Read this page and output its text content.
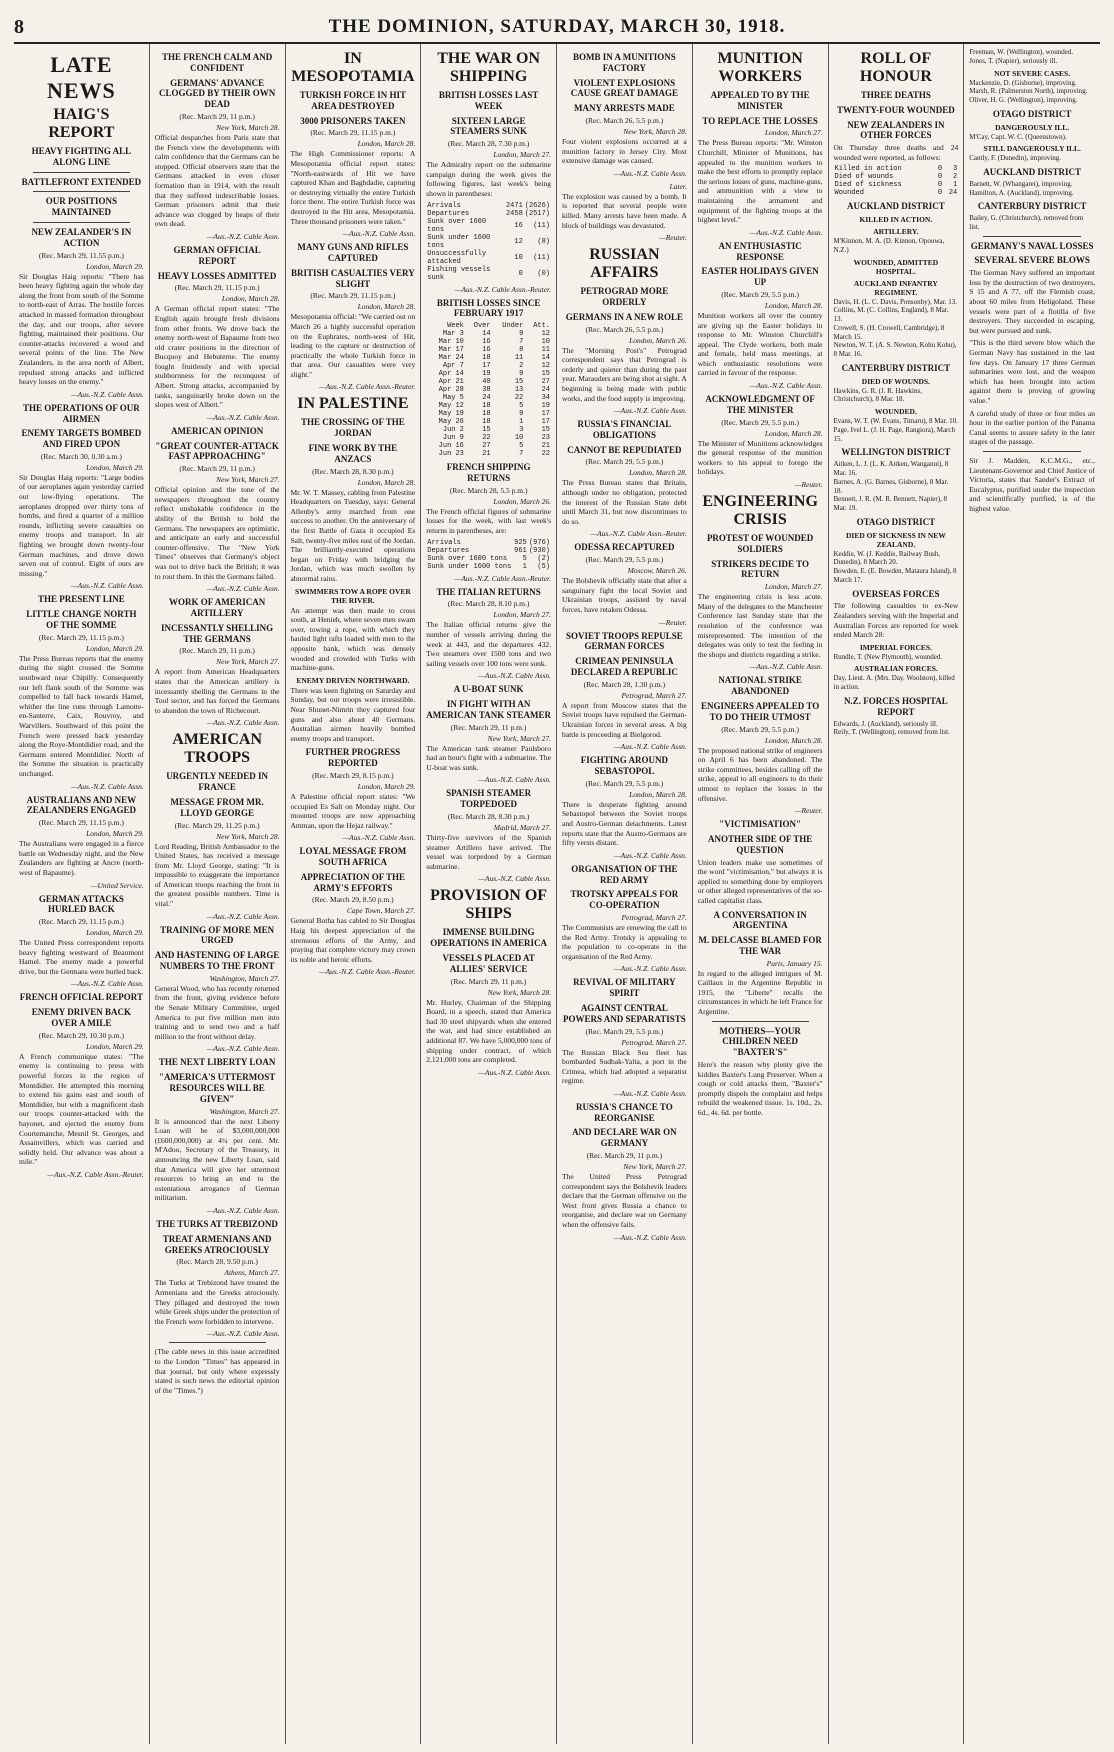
8	THE DOMINION, SATURDAY, MARCH 30, 1918.
LATE NEWS
HAIG'S REPORT
HEAVY FIGHTING ALL ALONG LINE
BATTLEFRONT EXTENDED
OUR POSITIONS MAINTAINED
NEW ZEALANDER'S IN ACTION
(Rec. March 29, 11.55 p.m.)
London, March 29.

Sir Douglas Haig reports: "There has been heavy fighting again the whole day along the front from south of the Somme to north-east of Arras. The hostile forces attacked in massed formation throughout the day, and our troops, after severe fighting, maintained their positions. Our counter-attacks recovered a wood and several points of the line. The New Zealanders, in the area north of Albert, repulsed strong attacks and inflicted heavy losses on the enemy."

—Aus.-N.Z. Cable Assn.
THE OPERATIONS OF OUR AIRMEN
ENEMY TARGETS BOMBED AND FIRED UPON
(Rec. March 30, 0.30 a.m.)
London, March 29.

Sir Douglas Haig reports: "Large bodies of our aeroplanes again yesterday carried out low-flying operations. The aeroplanes dropped over thirty tons of bombs, and fired a quarter of a million rounds, inflicting severe casualties on enemy troops and transport. In air fighting we brought down twenty-four German machines, and drove down seven out of control. Eight of ours are missing."

—Aus.-N.Z. Cable Assn.
THE PRESENT LINE
LITTLE CHANGE NORTH OF THE SOMME
(Rec. March 29, 11.15 p.m.)
London, March 29.

The Press Bureau reports that the enemy during the night crossed the Somme southward near Chipilly. Consequently our left flank south of the Somme was compelled to fall back towards Hamel, whither the line runs through Lamotte-en-Santerre, Caix, Rouvroy, and Warvillers. Southward of this point the French were pressed back yesterday along the Roye-Montdidier road, and the Germans entered Montdidier. North of the Somme the situation is practically unchanged.

—Aus.-N.Z. Cable Assn.
AUSTRALIANS AND NEW ZEALANDERS ENGAGED
(Rec. March 29, 11.15 p.m.)
London, March 29.

The Australians were engaged in a fierce battle on Wednesday night, and the New Zealanders are fighting at Ancre (north-west of Bapaume).

—United Service.
GERMAN ATTACKS HURLED BACK
(Rec. March 29, 11.15 p.m.)
London, March 29.

The United Press correspondent reports heavy fighting westward of Beaumont Hamel. The enemy made a powerful drive, but the Germans were hurled back.

—Aus.-N.Z. Cable Assn.
FRENCH OFFICIAL REPORT
ENEMY DRIVEN BACK OVER A MILE
(Rec. March 29, 10.30 p.m.)
London, March 29.

A French communique states: "The enemy is continuing to press with powerful forces in the region of Montdidier. He attempted this morning to extend his gains east and south of Montdidier, but with a magnificent dash our troops counter-attacked with the bayonet, and ejected the enemy from Courtemanche, Mesnil St. Georges, and Assainvillers, which was carried and solidly held. Our advance was about a mile."

—Aus.-N.Z. Cable Assn.-Reuter.
THE FRENCH CALM AND CONFIDENT
GERMANS' ADVANCE CLOGGED BY THEIR OWN DEAD
(Rec. March 29, 11 p.m.)
New York, March 28.

Official despatches from Paris state that the French view the developments with calm confidence that the Germans can be stopped. Official observers state that the Germans attacked in even closer formation than in 1914, with the result that they suffered indescribable losses. German prisoners admit that their advance was clogged by heaps of their own dead.

—Aus.-N.Z. Cable Assn.
GERMAN OFFICIAL REPORT
HEAVY LOSSES ADMITTED
(Rec. March 29, 11.15 p.m.)
London, March 28.

A German official report states: "The English again brought fresh divisions from other fronts. We drove back the enemy north-west of Bapaume from two old crater positions in the direction of Bucquoy and Hebuterne. The enemy fought fruitlessly and with special stubbornness for the reconquest of Albert. Strong attacks, accompanied by tanks, sanguinarily broke down on the slopes west of Albert."

—Aus.-N.Z. Cable Assn.
AMERICAN OPINION
"GREAT COUNTER-ATTACK FAST APPROACHING"
(Rec. March 29, 11 p.m.)
New York, March 27.

Official opinion and the tone of the newspapers throughout the country reflect unshakable confidence in the ability of the British to hold the Germans. The newspapers are optimistic, and anticipate an early and successful counter-offensive. The "New York Times" observes that Germany's object was not to drive back the British; it was to rout them. In this the Germans failed.

—Aus.-N.Z. Cable Assn.
WORK OF AMERICAN ARTILLERY
INCESSANTLY SHELLING THE GERMANS
(Rec. March 29, 11 p.m.)
New York, March 27.

A report from American Headquarters states that the American artillery is incessantly shelling the Germans in the Toul sector, and has forced the Germans to abandon the town of Richecourt.

—Aus.-N.Z. Cable Assn.
AMERICAN TROOPS
URGENTLY NEEDED IN FRANCE
MESSAGE FROM MR. LLOYD GEORGE
(Rec. March 29, 11.25 p.m.)
New York, March 28.

Lord Reading, British Ambassador to the United States, has received a message from Mr. Lloyd George, stating: "It is impossible to exaggerate the importance of American troops reaching the front in the greatest possible numbers. Time is vital."

—Aus.-N.Z. Cable Assn.
TRAINING OF MORE MEN URGED
AND HASTENING OF LARGE NUMBERS TO THE FRONT
Washington, March 27.

General Wood, who has recently returned from the front, giving evidence before the Senate Military Committee, urged America to put five million men into training and to send two and a half million to the front without delay.

—Aus.-N.Z. Cable Assn.
THE NEXT LIBERTY LOAN
"AMERICA'S UTTERMOST RESOURCES WILL BE GIVEN"
Washington, March 27.

It is announced that the next Liberty Loan will be of $3,000,000,000 (£600,000,000) at 4¼ per cent. Mr. M'Adoo, Secretary of the Treasury, in announcing the new Liberty Loan, said that America will give her uttermost resources to bring an end to the ostentatious arrogance of German militarism.

—Aus.-N.Z. Cable Assn.
THE TURKS AT TREBIZOND
TREAT ARMENIANS AND GREEKS ATROCIOUSLY
(Rec. March 28, 9.50 p.m.)
Athens, March 27.

The Turks at Trebizond have treated the Armenians and the Greeks atrociously. They pillaged and destroyed the town while Greek ships under the protection of the French were forbidden to intervene.

—Aus.-N.Z. Cable Assn.

(The cable news in this issue accredited to the London "Times" has appeared in that journal, but only where expressly stated is such news the editorial opinion of the "Times.")

IN MESOPOTAMIA
TURKISH FORCE IN HIT AREA DESTROYED
3000 PRISONERS TAKEN
(Rec. March 29, 11.15 p.m.)
London, March 28.

The High Commissioner reports: A Mesopotamia official report states: "North-eastwards of Hit we have captured Khan and Baghdadie, capturing or destroying virtually the entire Turkish force there. The entire Turkish force was destroyed in the Hit area, Mesopotamia. Three thousand prisoners were taken."

—Aus.-N.Z. Cable Assn.
MANY GUNS AND RIFLES CAPTURED
BRITISH CASUALTIES VERY SLIGHT
(Rec. March 29, 11.15 p.m.)
London, March 28.

Mesopotamia official: "We carried out on March 26 a highly successful operation on the Euphrates, north-west of Hit, leading to the capture or destruction of practically the whole Turkish force in that area. Our casualties were very slight."

—Aus.-N.Z. Cable Assn.-Reuter.
IN PALESTINE
THE CROSSING OF THE JORDAN
FINE WORK BY THE ANZACS
(Rec. March 28, 8.30 p.m.)
London, March 28.

Mr. W. T. Massey, cabling from Palestine Headquarters on Tuesday, says: General Allenby's army marched from one success to another. On the anniversary of the first Battle of Gaza it occupied Es Salt, twenty-five miles east of the Jordan. The brilliantly-executed operations began on Friday with bridging the Jordan, which was much swollen by abnormal rains.

SWIMMERS TOW A ROPE OVER THE RIVER.

An attempt was then made to cross south, at Henieh, where seven men swam over, towing a rope, with which they hauled light rafts loaded with men to the opposite bank, which was densely wooded and crowded with Turks with machine-guns.

ENEMY DRIVEN NORTHWARD.

There was keen fighting on Saturday and Sunday, but our troops were irresistible. Near Shunet-Nimrin they captured four guns and also about 40 Germans. Australian airmen heavily bombed enemy troops and transport.

FURTHER PROGRESS REPORTED
(Rec. March 29, 8.15 p.m.)
London, March 29.

A Palestine official report states: "We occupied Es Salt on Monday night. Our mounted troops are now approaching Amman, upon the Hejaz railway."

—Aus.-N.Z. Cable Assn.
LOYAL MESSAGE FROM SOUTH AFRICA
APPRECIATION OF THE ARMY'S EFFORTS
(Rec. March 29, 8.50 p.m.)
Cape Town, March 27.

General Botha has cabled to Sir Douglas Haig his deepest appreciation of the strenuous efforts of the Army, and praying that complete victory may crown its noble and heroic efforts.

—Aus.-N.Z. Cable Assn.-Reuter.
THE WAR ON SHIPPING
BRITISH LOSSES LAST WEEK
SIXTEEN LARGE STEAMERS SUNK
(Rec. March 28, 7.30 p.m.)
London, March 27.

The Admiralty report on the submarine campaign during the week gives the following figures, last week's being shown in parentheses:

Arrivals	2471	(2626)
Departures	2458	(2517)
Sunk over 1600 tons	16	(11)
Sunk under 1600 tons	12	(8)
Unsuccessfully attacked	10	(11)
Fishing vessels sunk	0	(0)
—Aus.-N.Z. Cable Assn.-Reuter.
BRITISH LOSSES SINCE FEBRUARY 1917
Week	Over	Under	Att.
Mar 3	14	9	12
Mar 10	16	7	10
Mar 17	16	8	11
Mar 24	18	11	14
Apr 7	17	2	12
Apr 14	19	9	15
Apr 21	40	15	27
Apr 28	38	13	24
May 5	24	22	34
May 12	18	5	19
May 19	18	9	17
May 26	18	1	17
Jun 2	15	3	15
Jun 9	22	10	23
Jun 16	27	5	21
Jun 23	21	7	22
FRENCH SHIPPING RETURNS
(Rec. March 28, 5.5 p.m.)
London, March 26.

The French official figures of submarine losses for the week, with last week's returns in parentheses, are:

Arrivals	925	(976)
Departures	961	(930)
Sunk over 1600 tons	5	(2)
Sunk under 1600 tons	1	(5)
—Aus.-N.Z. Cable Assn.-Reuter.
THE ITALIAN RETURNS
(Rec. March 28, 8.10 p.m.)
London, March 27.

The Italian official returns give the number of vessels arriving during the week at 443, and the departures 432. Two steamers over 1500 tons and two sailing vessels over 100 tons were sunk.

—Aus.-N.Z. Cable Assn.
A U-BOAT SUNK
IN FIGHT WITH AN AMERICAN TANK STEAMER
(Rec. March 29, 11 p.m.)
New York, March 27.

The American tank steamer Paulsboro had an hour's fight with a submarine. The U-boat was sunk.

—Aus.-N.Z. Cable Assn.
SPANISH STEAMER TORPEDOED
(Rec. March 28, 8.30 p.m.)
Madrid, March 27.

Thirty-five survivors of the Spanish steamer Artillero have arrived. The vessel was torpedoed by a German submarine.

—Aus.-N.Z. Cable Assn.
PROVISION OF SHIPS
IMMENSE BUILDING OPERATIONS IN AMERICA
VESSELS PLACED AT ALLIES' SERVICE
(Rec. March 29, 11 p.m.)
New York, March 28.

Mr. Hurley, Chairman of the Shipping Board, in a speech, stated that America had 30 steel shipyards when she entered the war, and had since established an additional 87. We have 5,000,000 tons of shipping under contract, of which 2,121,000 tons are completed.

—Aus.-N.Z. Cable Assn.
BOMB IN A MUNITIONS FACTORY
VIOLENT EXPLOSIONS CAUSE GREAT DAMAGE
MANY ARRESTS MADE
(Rec. March 26, 5.5 p.m.)
New York, March 28.

Four violent explosions occurred at a munition factory in Jersey City. Most extensive damage was caused.

—Aus.-N.Z. Cable Assn.
Later.

The explosion was caused by a bomb. It is reported that several people were killed. Many arrests have been made. A block of buildings was devastated.

—Reuter.
RUSSIAN AFFAIRS
PETROGRAD MORE ORDERLY
GERMANS IN A NEW ROLE
(Rec. March 26, 5.5 p.m.)
London, March 26.

The "Morning Post's" Petrograd correspondent says that Petrograd is orderly and quieter than during the past year. Marauders are being shot at sight. A beginning is being made with public works, and the food supply is improving.

—Aus.-N.Z. Cable Assn.
RUSSIA'S FINANCIAL OBLIGATIONS
CANNOT BE REPUDIATED
(Rec. March 29, 5.5 p.m.)
London, March 28.

The Press Bureau states that Britain, although under no obligation, protected the interest of the Russian State debt until March 31, but now discontinues to do so.

—Aus.-N.Z. Cable Assn.-Reuter.
ODESSA RECAPTURED
(Rec. March 29, 5.5 p.m.)
Moscow, March 26.

The Bolshevik officially state that after a sanguinary fight the local Soviet and Ukrainian troops, assisted by naval forces, have retaken Odessa.

—Reuter.
SOVIET TROOPS REPULSE GERMAN FORCES
CRIMEAN PENINSULA DECLARED A REPUBLIC
(Rec. March 28, 1.30 p.m.)
Petrograd, March 27.

A report from Moscow states that the Soviet troops have repulsed the German-Ukrainian forces in several areas. A big battle is proceeding at Bielgorod.

—Aus.-N.Z. Cable Assn.
FIGHTING AROUND SEBASTOPOL
(Rec. March 29, 5.5 p.m.)
London, March 28.

There is desperate fighting around Sebastopol between the Soviet troops and Austro-German detachments. Latest reports state that the Austro-Germans are fifty versts distant.

—Aus.-N.Z. Cable Assn.
ORGANISATION OF THE RED ARMY
TROTSKY APPEALS FOR CO-OPERATION
Petrograd, March 27.

The Communists are renewing the call to the Red Army. Trotsky is appealing to the population to co-operate in the organisation of the Red Army.

—Aus.-N.Z. Cable Assn.
REVIVAL OF MILITARY SPIRIT
AGAINST CENTRAL POWERS AND SEPARATISTS
(Rec. March 29, 5.5 p.m.)
Petrograd, March 27.

The Russian Black Sea fleet has bombarded Sudbak-Yalta, a port in the Crimea, which had adopted a separatist regime.

—Aus.-N.Z. Cable Assn.
RUSSIA'S CHANCE TO REORGANISE
AND DECLARE WAR ON GERMANY
(Rec. March 29, 11 p.m.)
New York, March 27.

The United Press Petrograd correspondent says the Bolshevik leaders declare that the German offensive on the West front gives Russia a chance to reorganise, and declare war on Germany when the offensive fails.

—Aus.-N.Z. Cable Assn.
MUNITION WORKERS
APPEALED TO BY THE MINISTER
TO REPLACE THE LOSSES
London, March 27.

The Press Bureau reports: "Mr. Winston Churchill, Minister of Munitions, has appealed to the munition workers to make the best efforts to promptly replace the serious losses of guns, machine-guns, and ammunition with a view to maintaining the armament and equipment of the fighting troops at the highest level."

—Aus.-N.Z. Cable Assn.
AN ENTHUSIASTIC RESPONSE
EASTER HOLIDAYS GIVEN UP
(Rec. March 29, 5.5 p.m.)
London, March 28.

Munition workers all over the country are giving up the Easter holidays in response to Mr. Winston Churchill's appeal. The Clyde workers, both male and female, held mass meetings, at which enthusiastic resolutions were carried in favour of the response.

—Aus.-N.Z. Cable Assn.
ACKNOWLEDGMENT OF THE MINISTER
(Rec. March 29, 5.5 p.m.)
London, March 28.

The Minister of Munitions acknowledges the general response of the munition workers to his appeal to forego the holidays.

—Reuter.
ENGINEERING CRISIS
PROTEST OF WOUNDED SOLDIERS
STRIKERS DECIDE TO RETURN
London, March 27.

The engineering crisis is less acute. Many of the delegates to the Manchester Conference last Sunday state that the resolution of the conference was misrepresented. The intention of the delegates was only to test the feeling in the shops and districts regarding a strike.

—Aus.-N.Z. Cable Assn.
NATIONAL STRIKE ABANDONED
ENGINEERS APPEALED TO TO DO THEIR UTMOST
(Rec. March 29, 5.5 p.m.)
London, March 28.

The proposed national strike of engineers on April 6 has been abandoned. The strike committees, besides calling off the strike, appeal to all engineers to do their utmost to replace the losses in the offensive.

—Reuter.
"VICTIMISATION"
ANOTHER SIDE OF THE QUESTION

Union leaders make use sometimes of the word "victimisation," but always it is applied to something done by employers or other alleged representatives of the so-called capitalist class.

A CONVERSATION IN ARGENTINA
M. DELCASSE BLAMED FOR THE WAR
Paris, January 15.

In regard to the alleged intrigues of M. Caillaux in the Argentine Republic in 1915, the "Liberte" recalls the circumstances in which he left France for Argentine.

MOTHERS—YOUR CHILDREN NEED "BAXTER'S"

Here's the reason why plenty give the kiddies Baxter's Lung Preserver. When a cough or cold attacks them, "Baxter's" promptly dispels the complaint and helps rebuild the weakened tissue. 1s. 10d., 2s. 6d., 4s. 6d. per bottle.

ROLL OF HONOUR
THREE DEATHS
TWENTY-FOUR WOUNDED
NEW ZEALANDERS IN OTHER FORCES

On Thursday three deaths and 24 wounded were reported, as follows:

Killed in action	0	3
Died of wounds	0	2
Died of sickness	0	1
Wounded	0	24
AUCKLAND DISTRICT
KILLED IN ACTION.
ARTILLERY.
M'Kinnon, M. A. (D. Kinnon, Opouwa, N.Z.)
WOUNDED, ADMITTED HOSPITAL.
AUCKLAND INFANTRY REGIMENT.
Davis, H. (L. C. Davis, Ponsonby), Mar. 13.
Collins, M. (C. Collins, England), 8 Mar. 13.
Crowell, S. (H. Crowell, Cambridge), 8 March 15.
Newton, W. T. (A. S. Newton, Kohu Kohu), 8 Mar. 16.
CANTERBURY DISTRICT
DIED OF WOUNDS.
Hawkins, G. R. (J. R. Hawkins, Christchurch), 8 Mar. 18.
WOUNDED.
Evans, W. T. (W. Evans, Timaru), 8 Mar. 10.
Page, Ivel L. (J. H. Page, Rangiora), March 15.
WELLINGTON DISTRICT
Aitken, L. J. (L. K. Aitken, Wanganui), 8 Mar. 16.
Barnes, A. (G. Barnes, Gisborne), 8 Mar. 18.
Bennett, J. R. (M. R. Bennett, Napier), 8 Mar. 19.
OTAGO DISTRICT
DIED OF SICKNESS IN NEW ZEALAND.
Keddie, W. (J. Keddie, Railway Bush, Dunedin), 8 March 20.
Bowden, E. (E. Bowden, Mataura Island), 8 March 17.
OVERSEAS FORCES

The following casualties to ex-New Zealanders serving with the Imperial and Australian Forces are reported for week ended March 28:

IMPERIAL FORCES.
Rundle, T. (New Plymouth), wounded.
AUSTRALIAN FORCES.
Day, Lieut. A. (Mrs. Day, Woolston), killed in action.
N.Z. FORCES HOSPITAL REPORT
Edwards, J. (Auckland), seriously ill.
Reily, T. (Wellington), removed from list.
Freeman, W. (Wellington), wounded.
Jones, T. (Napier), seriously ill.
NOT SEVERE CASES.
Mackenzie, D. (Gisborne), improving.
Marsh, R. (Palmerston North), improving.
Oliver, H. G. (Wellington), improving.
OTAGO DISTRICT
DANGEROUSLY ILL.
M'Cay, Capt. W. C. (Queenstown).
STILL DANGEROUSLY ILL.
Cantly, F. (Dunedin), improving.
AUCKLAND DISTRICT
Barnett, W. (Whangarei), improving.
Hamilton, A. (Auckland), improving.
CANTERBURY DISTRICT
Bailey, G. (Christchurch), removed from list.
GERMANY'S NAVAL LOSSES
SEVERAL SEVERE BLOWS

The German Navy suffered an important loss by the destruction of two destroyers, S 15 and A 77, off the Flemish coast, about 60 miles from Heligoland. These vessels were part of a flotilla of five destroyers. They succeeded in escaping, but were pursued and sunk.

"This is the third severe blow which the German Navy has sustained in the last few days. On January 17 three German submarines were lost, and the weapon which has been brought into action against them is proving of growing value."

A careful study of three or four miles an hour in the earlier portion of the Panama Canal seems to assure safety in the later stages of the passage.

Sir J. Madden, K.C.M.G., etc., Lieutenant-Governor and Chief Justice of Victoria, states that Sander's Extract of Eucalyptus, purified under the inspection and scientifically purified, is of the highest value.
